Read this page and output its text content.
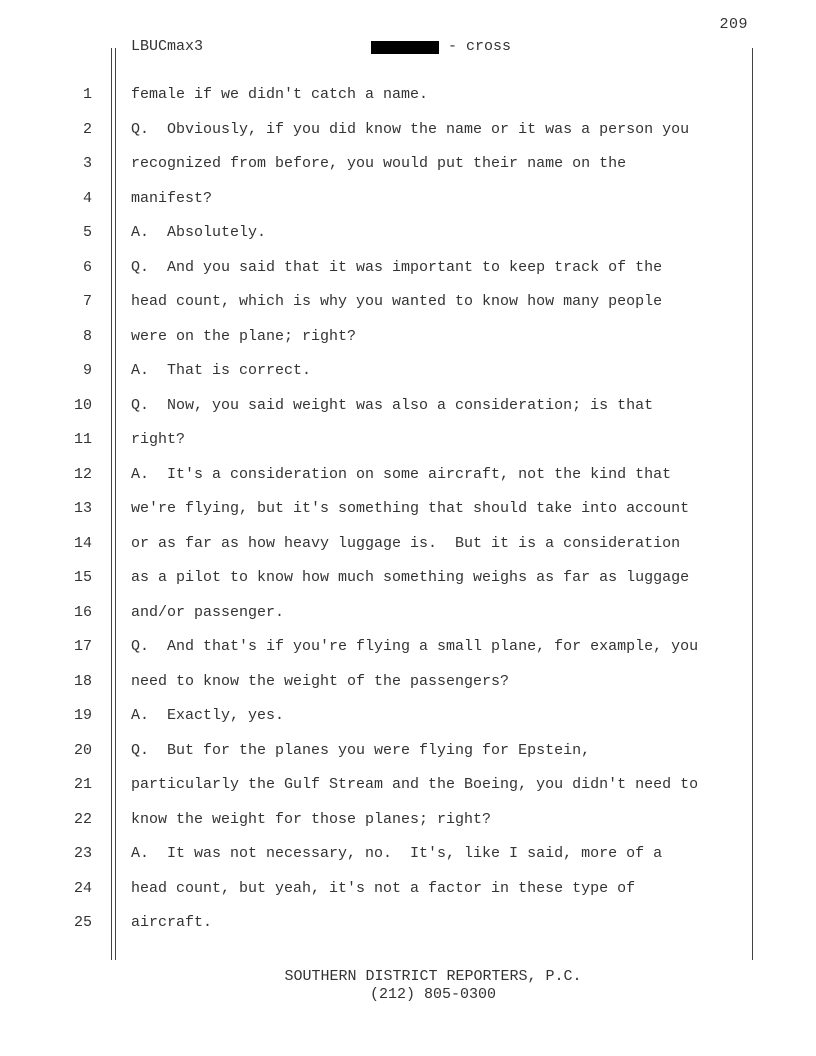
209
LBUCmax3	- cross
1	female if we didn't catch a name.
2	Q.  Obviously, if you did know the name or it was a person you
3	recognized from before, you would put their name on the
4	manifest?
5	A.  Absolutely.
6	Q.  And you said that it was important to keep track of the
7	head count, which is why you wanted to know how many people
8	were on the plane; right?
9	A.  That is correct.
10	Q.  Now, you said weight was also a consideration; is that
11	right?
12	A.  It's a consideration on some aircraft, not the kind that
13	we're flying, but it's something that should take into account
14	or as far as how heavy luggage is.  But it is a consideration
15	as a pilot to know how much something weighs as far as luggage
16	and/or passenger.
17	Q.  And that's if you're flying a small plane, for example, you
18	need to know the weight of the passengers?
19	A.  Exactly, yes.
20	Q.  But for the planes you were flying for Epstein,
21	particularly the Gulf Stream and the Boeing, you didn't need to
22	know the weight for those planes; right?
23	A.  It was not necessary, no.  It's, like I said, more of a
24	head count, but yeah, it's not a factor in these type of
25	aircraft.
SOUTHERN DISTRICT REPORTERS, P.C.
(212) 805-0300
